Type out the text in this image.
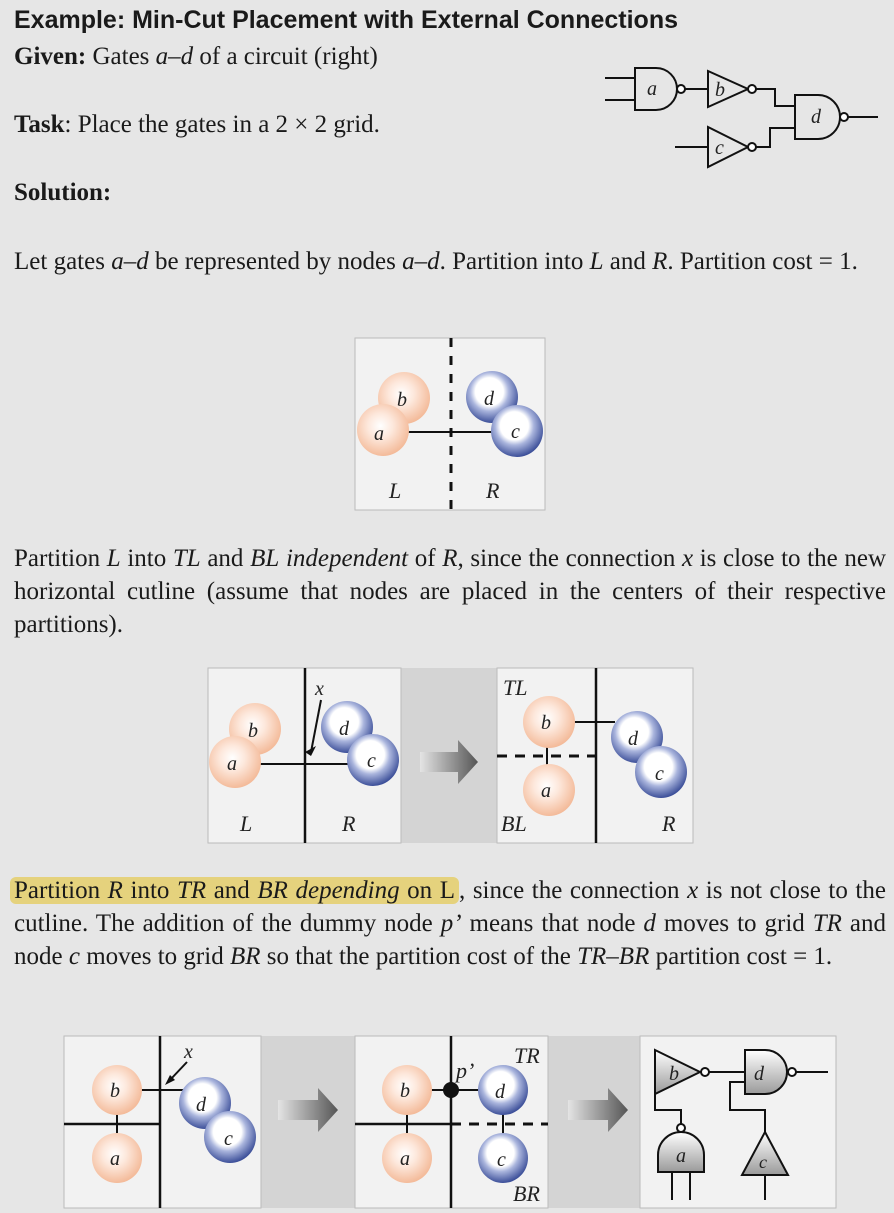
Example: Min-Cut Placement with External Connections
Given: Gates a–d of a circuit (right)
Task: Place the gates in a 2 × 2 grid.
Solution:
Let gates a–d be represented by nodes a–d. Partition into L and R. Partition cost = 1.
Partition L into TL and BL independent of R, since the connection x is close to the new horizontal cutline (assume that nodes are placed in the centers of their respective partitions).
Partition R into TR and BR depending on L , since the connection x is not close to the cutline. The addition of the dummy node p’ means that node d moves to grid TR and node c moves to grid BR so that the partition cost of the TR–BR partition cost = 1.
a	b
c
d
b
a
d
c
L	R
b
a
d
c
x
L	R
b
a
d
c
TL
BL	R
b
a
d
c
x
b
a
d
c
p’
TR
BR
b	d
a	c
